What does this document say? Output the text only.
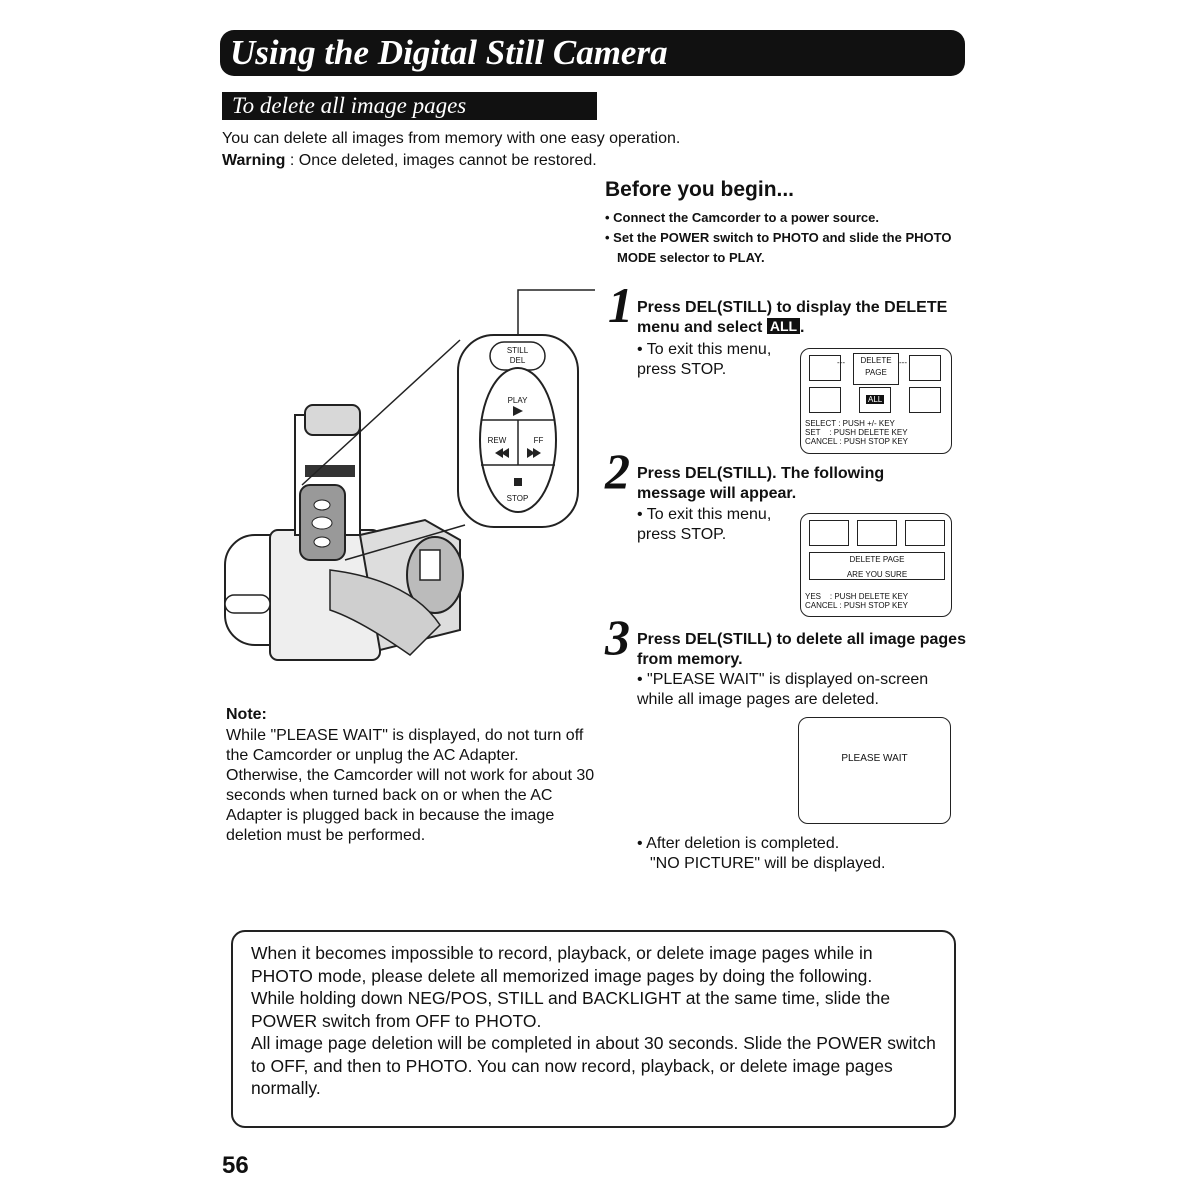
Using the Digital Still Camera
To delete all image pages
You can delete all images from memory with one easy operation.
Warning : Once deleted, images cannot be restored.
Before you begin...
• Connect the Camcorder to a power source.
• Set the POWER switch to PHOTO and slide the PHOTO MODE selector to PLAY.
STILL
DEL
PLAY
REW	FF
STOP
1 Press DEL(STILL) to display the DELETE menu and select ALL .
• To exit this menu, press STOP.
DELETE
PAGE
ALL
---	---
SELECT : PUSH +/- KEY
SET    : PUSH DELETE KEY
CANCEL : PUSH STOP KEY
2 Press DEL(STILL). The following message will appear.
• To exit this menu, press STOP.
DELETE PAGE
ARE YOU SURE
YES    : PUSH DELETE KEY
CANCEL : PUSH STOP KEY
3 Press DEL(STILL) to delete all image pages from memory.
• "PLEASE WAIT" is displayed on-screen while all image pages are deleted.
PLEASE WAIT
• After deletion is completed.
"NO PICTURE" will be displayed.
Note:
While "PLEASE WAIT" is displayed, do not turn off the Camcorder or unplug the AC Adapter. Otherwise, the Camcorder will not work for about 30 seconds when turned back on or when the AC Adapter is plugged back in because the image deletion must be performed.
When it becomes impossible to record, playback, or delete image pages while in PHOTO mode, please delete all memorized image pages by doing the following.
While holding down NEG/POS, STILL and BACKLIGHT at the same time, slide the POWER switch from OFF to PHOTO.
All image page deletion will be completed in about 30 seconds. Slide the POWER switch to OFF, and then to PHOTO. You can now record, playback, or delete image pages normally.
56
